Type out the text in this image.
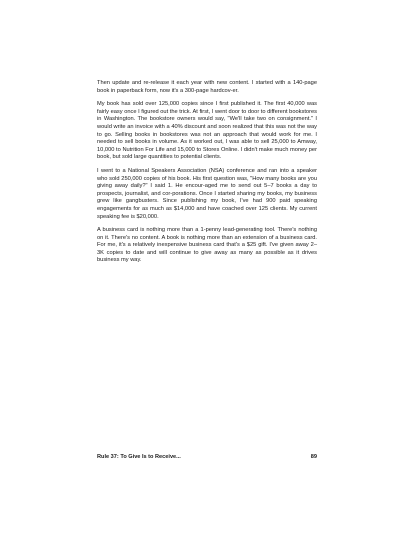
Then update and re-release it each year with new content. I started with a 140-page book in paperback form, now it's a 300-page hardcov-er.

My book has sold over 125,000 copies since I first published it. The first 40,000 was fairly easy once I figured out the trick. At first, I went door to door to different bookstores in Washington. The bookstore owners would say, "We'll take two on consignment." I would write an invoice with a 40% discount and soon realized that this was not the way to go. Selling books in bookstores was not an approach that would work for me. I needed to sell books in volume. As it worked out, I was able to sell 25,000 to Amway, 10,000 to Nutrition For Life and 15,000 to Stores Online. I didn't make much money per book, but sold large quantities to potential clients.

I went to a National Speakers Association (NSA) conference and ran into a speaker who sold 250,000 copies of his book. His first question was, "How many books are you giving away daily?" I said 1. He encour-aged me to send out 5–7 books a day to prospects, journalist, and cor-porations. Once I started sharing my books, my business grew like gangbusters. Since publishing my book, I've had 900 paid speaking engagements for as much as $14,000 and have coached over 125 clients. My current speaking fee is $20,000.

A business card is nothing more than a 1-penny lead-generating tool. There's nothing on it. There's no content. A book is nothing more than an extension of a business card. For me, it's a relatively inexpensive business card that's a $25 gift. I've given away 2–3K copies to date and will continue to give away as many as possible as it drives business my way.

Rule 37: To Give Is to Receive...	89
